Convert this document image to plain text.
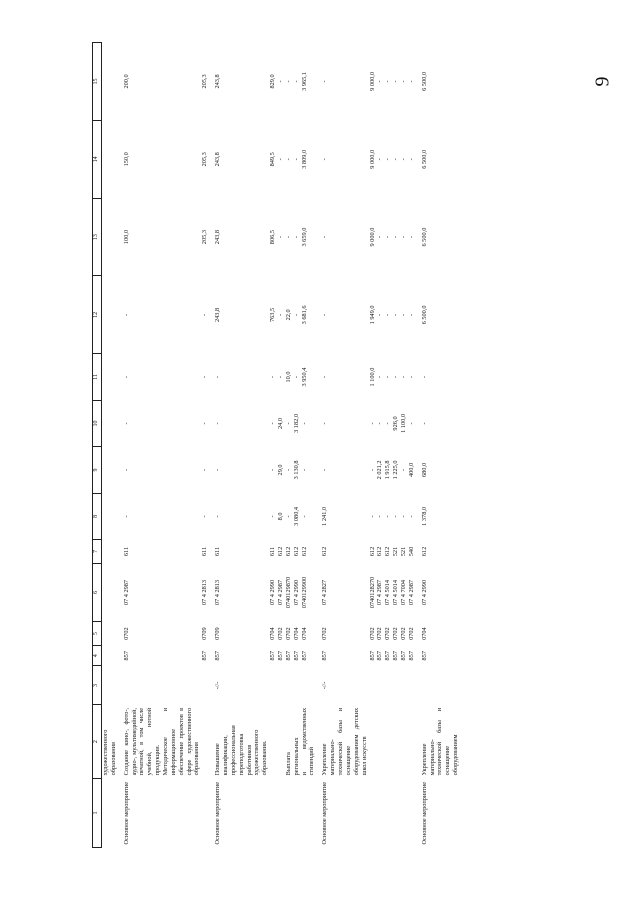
9
1	2	3	4	5	6	7	8	9	10	11	12	13	14	15
	художественного образования													
Основное мероприятие	Создание кино-, фото-, аудио-, мультимедийной, печатной, в том числе учебной, нотной продукции. Методическое и информационное обеспечение проектов в сфере художественного образования		857	0702	07 4 2987	611	-	-	-	-	-	100,0	150,0	200,0
			857	0709	07 4 2813	611	-	-	-	-	-	205,3	205,3	205,3
Основное мероприятие	Повышение квалификации, профессиональная переподготовка работников художественного образования.	-//-	857	0709	07 4 2813	611	-	-	-	-	243,8	243,8	243,8	243,8
			857	0704	07 4 2990	611	-	-	-	-	763,5	806,5	849,5	829,0
			857	0702	07 4 2987	612	8,0	29,0	24,0	-	-	-	-	-
	Выплата		857	0702	0740129870	612	-	-	-	10,0	22,0	-	-	-
	региональных		857	0704	07 4 2990	612	3 080,4	3 130,8	3 182,0	-	-	-	-	-
	и ведомственных стипендий		857	0704	0740129900	612	-	-	-	3 950,4	3 681,6	3 659,0	3 809,0	3 965,1
Основное мероприятие	Укрепление материально-технической базы и оснащение оборудованием детских школ искусств	-//-	857	0702	07 4 2827	612	1 241,0	-	-	-	-	-	-	-
			857	0702	0740128270	612	-	-	-	1 100,0	1 949,0	9 000,0	9 000,0	9 000,0
			857	0702	07 4 2987	612	-	2 021,2	-	-	-	-	-	-
			857	0702	07 4 5014	612	-	1 915,8	-	-	-	-	-	-
			857	0702	07 4 5014	521	-	1 225,0	926,0	-	-	-	-	-
			857	0702	07 4 7004	521	-	-	1 100,0	-	-	-	-	-
			857	0702	07 4 2987	540	-	400,0	-	-	-	-	-	-
Основное мероприятие	Укрепление материально-технической базы и оснащение оборудованием		857	0704	07 4 2990	612	1 378,0	680,0	-	-	6 500,0	6 500,0	6 500,0	6 500,0
